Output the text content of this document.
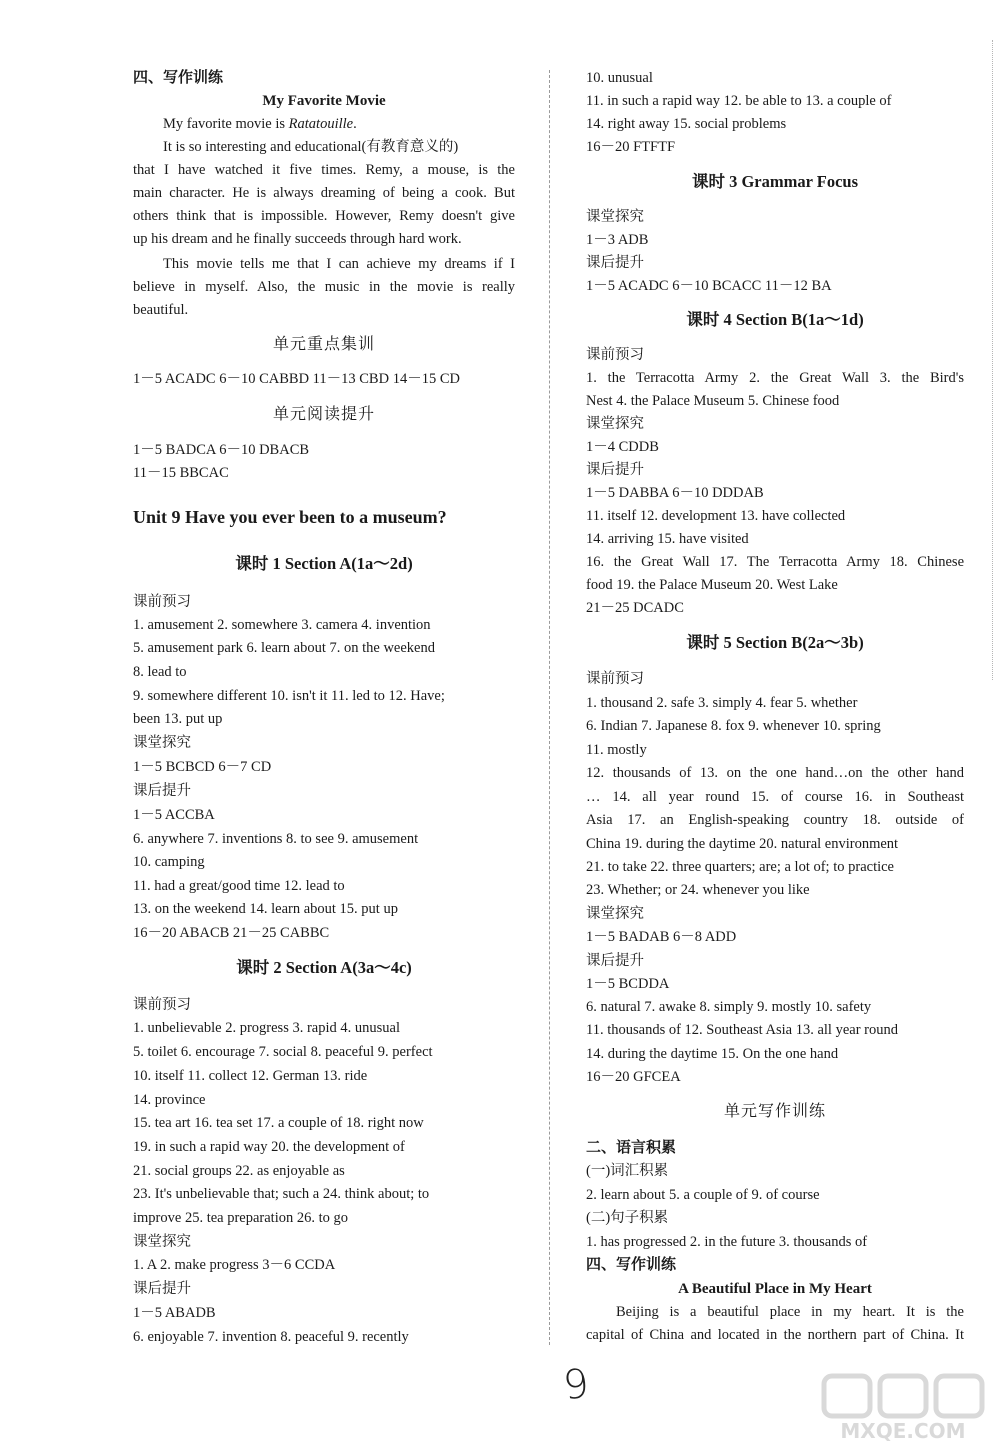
四、写作训练
My Favorite Movie
My favorite movie is Ratatouille.
It is so interesting and educational(有教育意义的)
that I have watched it five times. Remy, a mouse, is the
main character. He is always dreaming of being a cook. But
others think that is impossible. However, Remy doesn't give
up his dream and he finally succeeds through hard work.
This movie tells me that I can achieve my dreams if I
believe in myself. Also, the music in the movie is really
beautiful.
单元重点集训
1－5 ACADC 6－10 CABBD 11－13 CBD 14－15 CD
单元阅读提升
1－5 BADCA 6－10 DBACB
11－15 BBCAC
Unit 9 Have you ever been to a museum?
课时 1 Section A(1a～2d)
课前预习
1. amusement 2. somewhere 3. camera 4. invention
5. amusement park 6. learn about 7. on the weekend
8. lead to
9. somewhere different 10. isn't it 11. led to 12. Have;
been 13. put up
课堂探究
1－5 BCBCD 6－7 CD
课后提升
1－5 ACCBA
6. anywhere 7. inventions 8. to see 9. amusement
10. camping
11. had a great/good time 12. lead to
13. on the weekend 14. learn about 15. put up
16－20 ABACB 21－25 CABBC
课时 2 Section A(3a～4c)
课前预习
1. unbelievable 2. progress 3. rapid 4. unusual
5. toilet 6. encourage 7. social 8. peaceful 9. perfect
10. itself 11. collect 12. German 13. ride
14. province
15. tea art 16. tea set 17. a couple of 18. right now
19. in such a rapid way 20. the development of
21. social groups 22. as enjoyable as
23. It's unbelievable that; such a 24. think about; to
improve 25. tea preparation 26. to go
课堂探究
1. A 2. make progress 3－6 CCDA
课后提升
1－5 ABADB
6. enjoyable 7. invention 8. peaceful 9. recently
10. unusual
11. in such a rapid way 12. be able to 13. a couple of
14. right away 15. social problems
16－20 FTFTF
课时 3 Grammar Focus
课堂探究
1－3 ADB
课后提升
1－5 ACADC 6－10 BCACC 11－12 BA
课时 4 Section B(1a～1d)
课前预习
1. the Terracotta Army 2. the Great Wall 3. the Bird's
Nest 4. the Palace Museum 5. Chinese food
课堂探究
1－4 CDDB
课后提升
1－5 DABBA 6－10 DDDAB
11. itself 12. development 13. have collected
14. arriving 15. have visited
16. the Great Wall 17. The Terracotta Army 18. Chinese
food 19. the Palace Museum 20. West Lake
21－25 DCADC
课时 5 Section B(2a～3b)
课前预习
1. thousand 2. safe 3. simply 4. fear 5. whether
6. Indian 7. Japanese 8. fox 9. whenever 10. spring
11. mostly
12. thousands of 13. on the one hand…on the other hand
… 14. all year round 15. of course 16. in Southeast
Asia 17. an English-speaking country 18. outside of
China 19. during the daytime 20. natural environment
21. to take 22. three quarters; are; a lot of; to practice
23. Whether; or 24. whenever you like
课堂探究
1－5 BADAB 6－8 ADD
课后提升
1－5 BCDDA
6. natural 7. awake 8. simply 9. mostly 10. safety
11. thousands of 12. Southeast Asia 13. all year round
14. during the daytime 15. On the one hand
16－20 GFCEA
单元写作训练
二、语言积累
(一)词汇积累
2. learn about 5. a couple of 9. of course
(二)句子积累
1. has progressed 2. in the future 3. thousands of
四、写作训练
A Beautiful Place in My Heart
Beijing is a beautiful place in my heart. It is the
capital of China and located in the northern part of China. It
9
MXQE.COM
